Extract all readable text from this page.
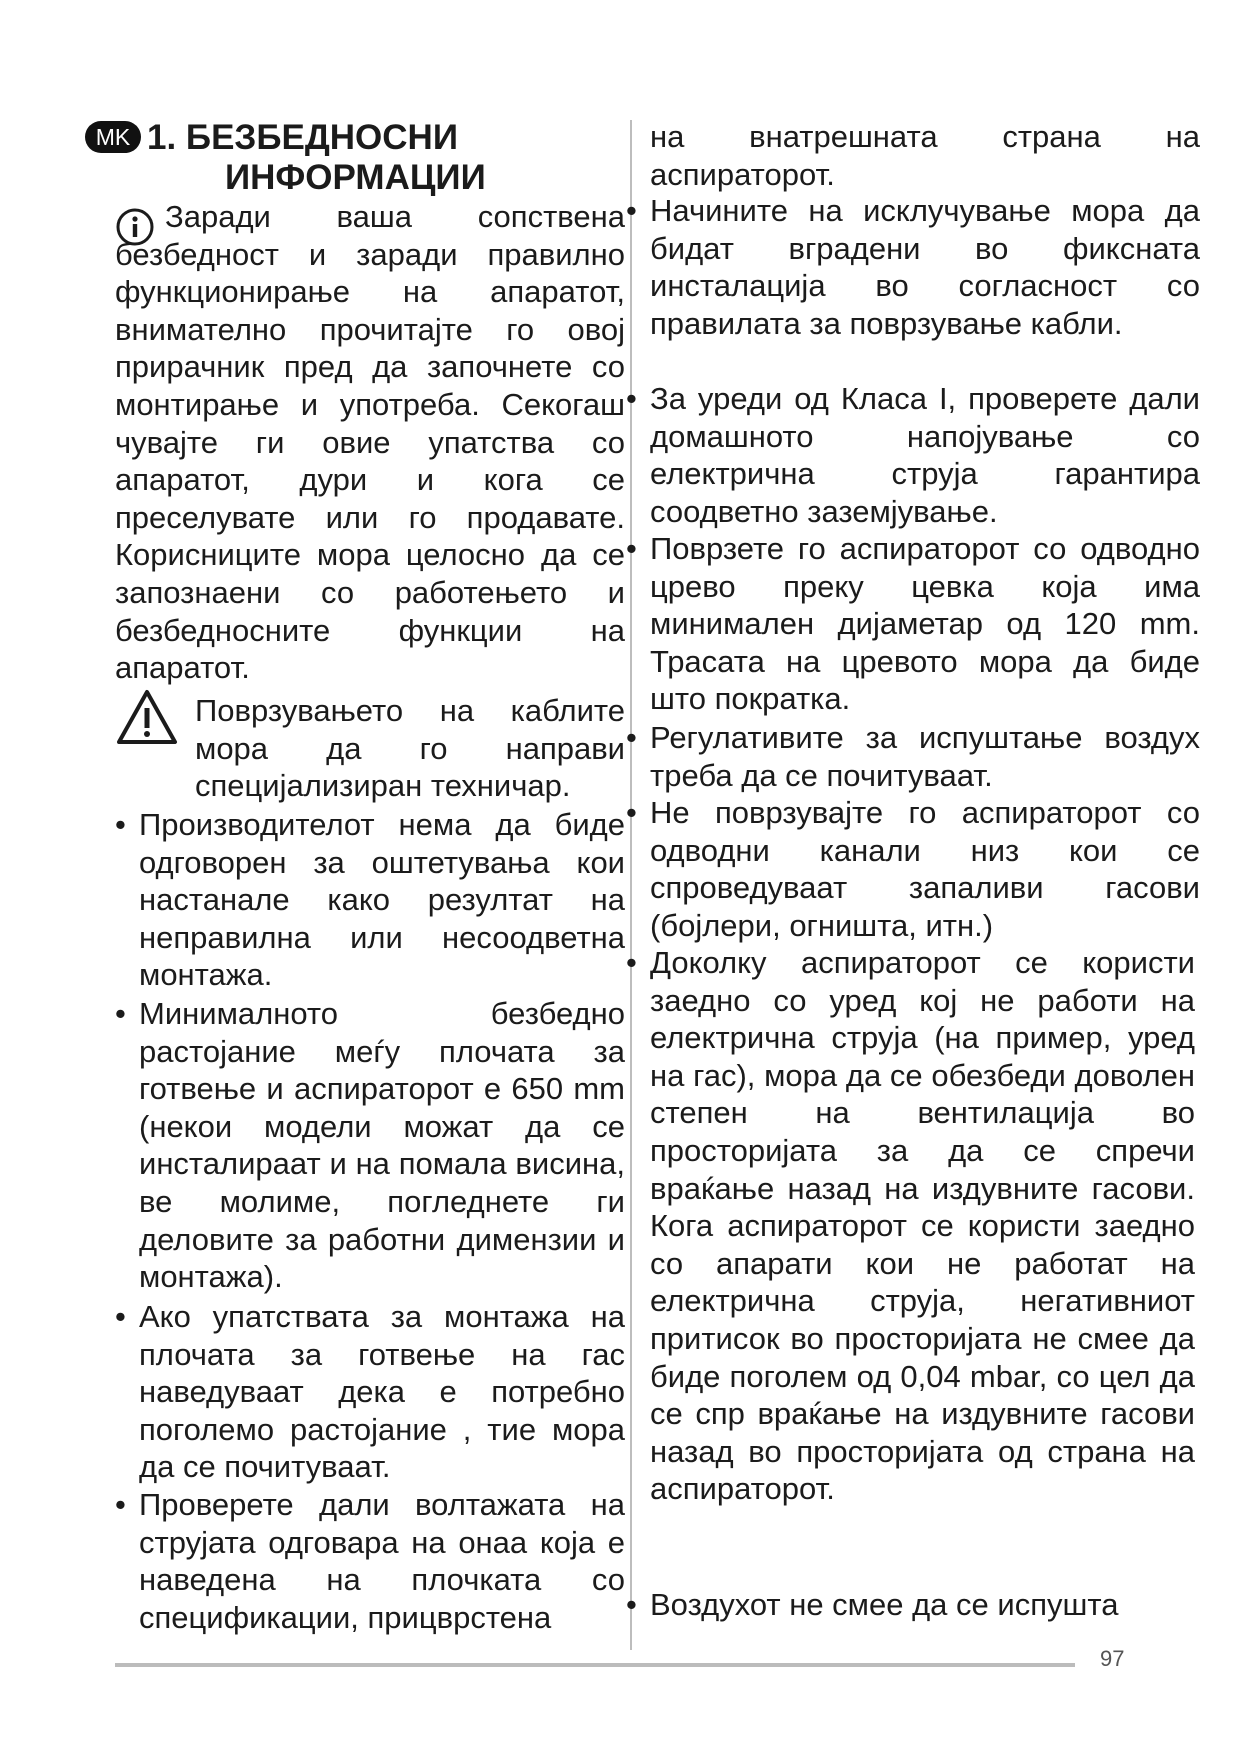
MK 1. БЕЗБЕДНОСНИ
ИНФОРМАЦИИ
Заради ваша сопствена безбедност и заради правилно функционирање на апаратот, внимателно прочитајте го овој прирачник пред да започнете со монтирање и употреба. Секогаш чувајте ги овие упатства со апаратот, дури и кога се преселувате или го продавате. Корисниците мора целосно да се запознаени со работењето и безбедносните функции на апаратот.
Поврзувањето на каблите мора да го направи специјализиран техничар.
• Производителот нема да биде одговорен за оштетувања кои настанале како резултат на неправилна или несоодветна монтажа.
• Минималното безбедно растојание меѓу плочата за готвење и аспираторот е 650 mm (некои модели можат да се инсталираат и на помала висина, ве молиме, погледнете ги деловите за работни димензии и монтажа).
• Ако упатствата за монтажа на плочата за готвење на гас наведуваат дека е потребно поголемо растојание , тие мора да се почитуваат.
• Проверете дали волтажата на струјата одговара на онаа која е наведена на плочката со спецификации, прицврстена
на внатрешната страна на аспираторот.
• Начините на исклучување мора да бидат вградени во фиксната инсталација во согласност со правилата за поврзување кабли.
• За уреди од Класа I, проверете дали домашното напојување со електрична струја гарантира соодветно заземјување.
• Поврзете го аспираторот со одводно црево преку цевка која има минимален дијаметар од 120 mm. Трасата на цревото мора да биде што пократка.
• Регулативите за испуштање воздух треба да се почитуваат.
• Не поврзувајте го аспираторот со одводни канали низ кои се спроведуваат запаливи гасови (бојлери, огништа, итн.)
• Доколку аспираторот се користи заедно со уред кој не работи на електрична струја (на пример, уред на гас), мора да се обезбеди доволен степен на вентилација во просторијата за да се спречи враќање назад на издувните гасови. Кога аспираторот се користи заедно со апарати кои не работат на електрична струја, негативниот притисок во просторијата не смее да биде поголем од 0,04 mbar, со цел да се спр враќање на издувните гасови назад во просторијата од страна на аспираторот.
• Воздухот не смее да се испушта
97
